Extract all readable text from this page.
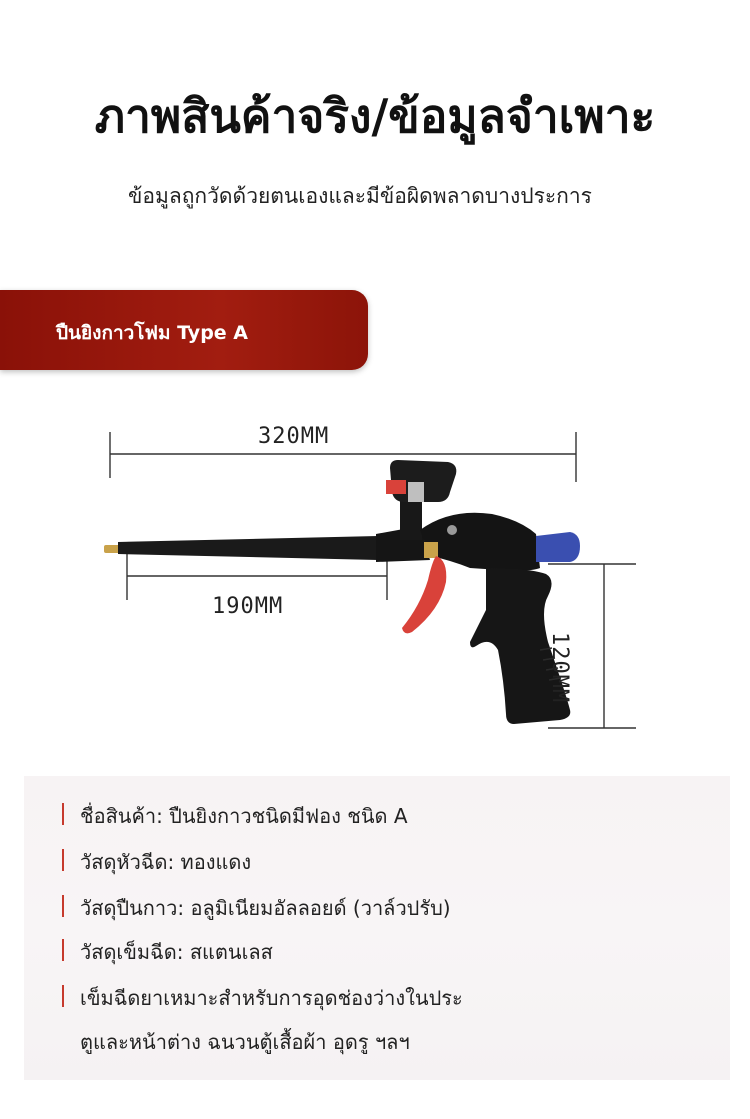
ภาพสินค้าจริง/ข้อมูลจำเพาะ
ข้อมูลถูกวัดด้วยตนเองและมีข้อผิดพลาดบางประการ
ปืนยิงกาวโฟม Type A
320MM
190MM
120MM
ชื่อสินค้า: ปืนยิงกาวชนิดมีฟอง ชนิด A
วัสดุหัวฉีด: ทองแดง
วัสดุปืนกาว: อลูมิเนียมอัลลอยด์ (วาล์วปรับ)
วัสดุเข็มฉีด: สแตนเลส
เข็มฉีดยาเหมาะสำหรับการอุดช่องว่างในประ
ตูและหน้าต่าง ฉนวนตู้เสื้อผ้า อุดรู ฯลฯ
